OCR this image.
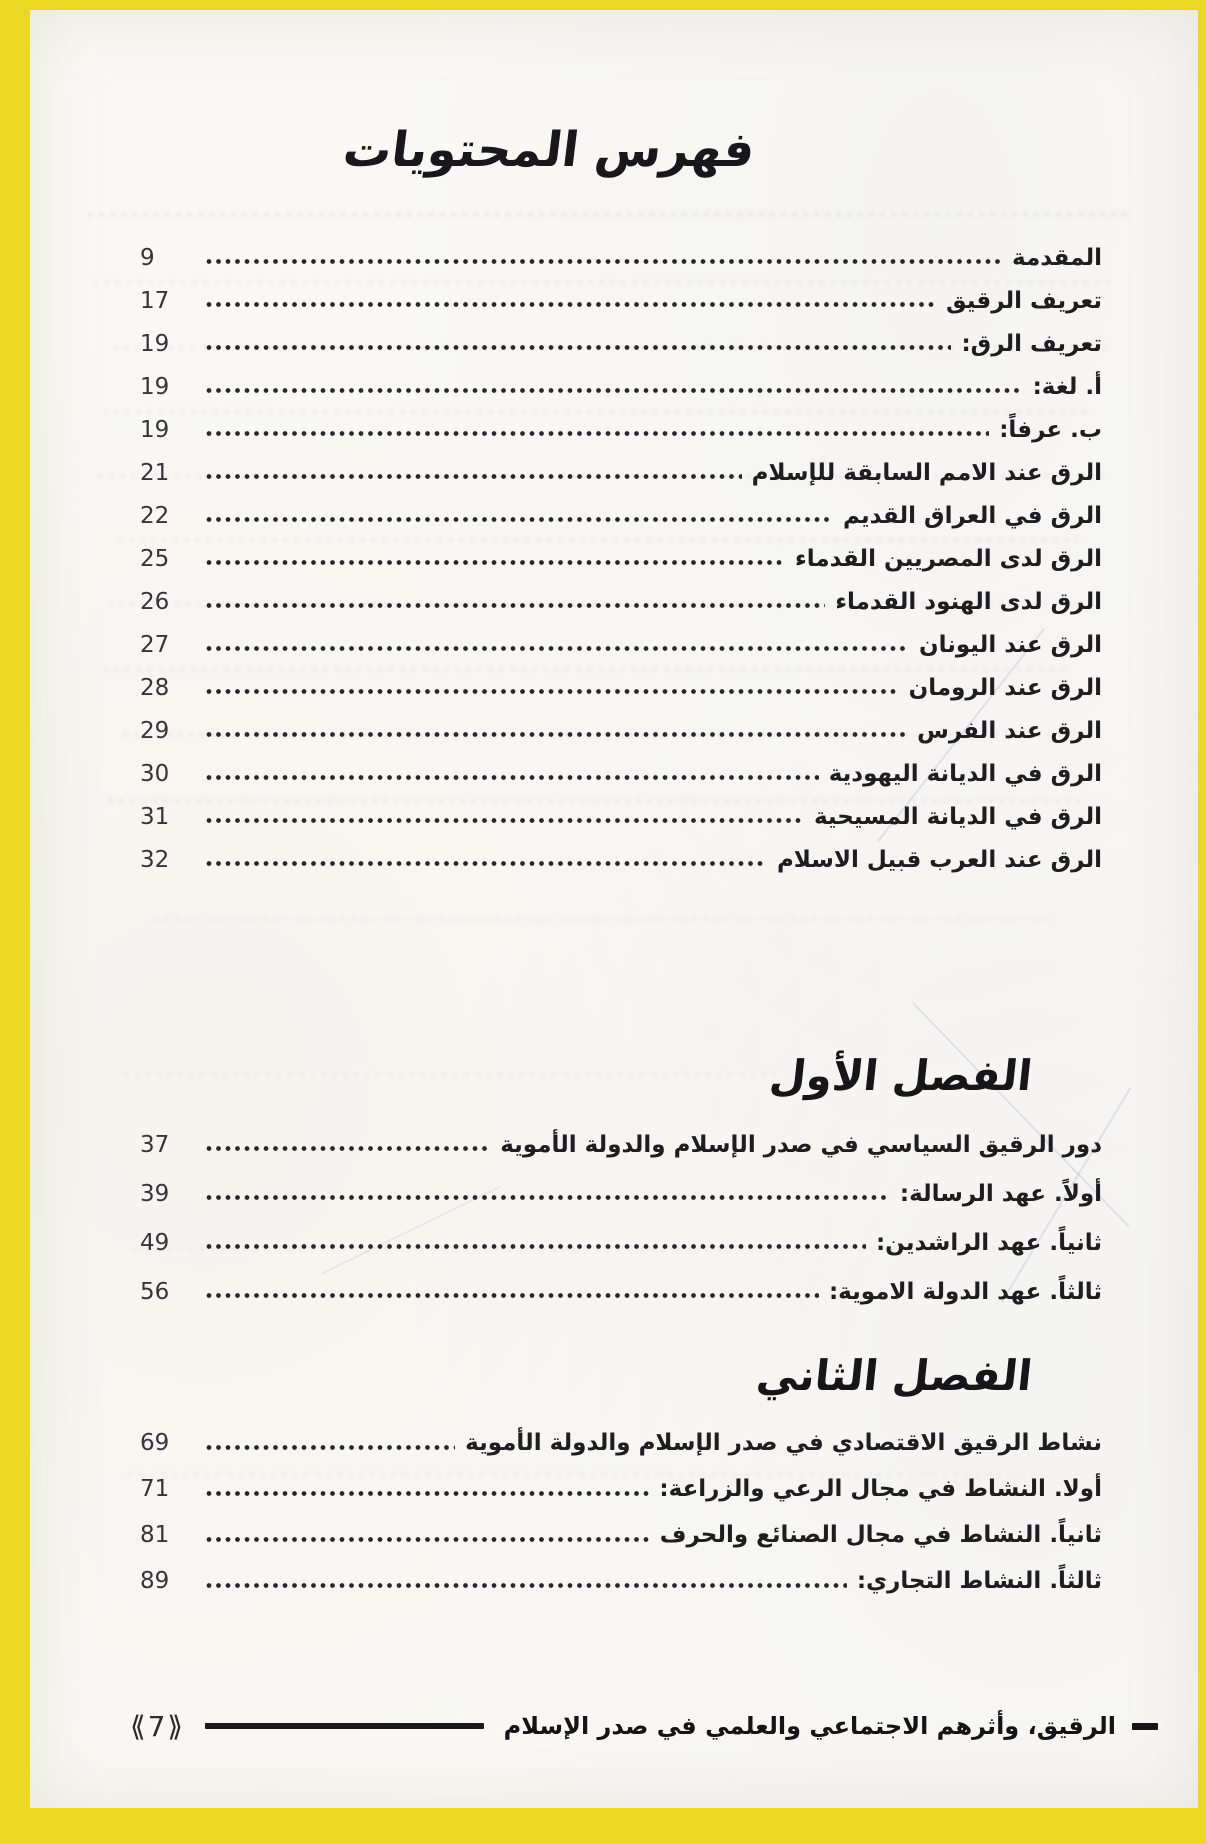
فهرس المحتويات
المقدمة
9
تعريف الرقيق
17
تعريف الرق:
19
أ. لغة:
19
ب. عرفاً:
19
الرق عند الامم السابقة للإسلام
21
الرق في العراق القديم
22
الرق لدى المصريين القدماء
25
الرق لدى الهنود القدماء
26
الرق عند اليونان
27
الرق عند الرومان
28
الرق عند الفرس
29
الرق في الديانة اليهودية
30
الرق في الديانة المسيحية
31
الرق عند العرب قبيل الاسلام
32
الفصل الأول
دور الرقيق السياسي في صدر الإسلام والدولة الأموية
37
أولاً. عهد الرسالة:
39
ثانياً. عهد الراشدين:
49
ثالثاً. عهد الدولة الاموية:
56
الفصل الثاني
نشاط الرقيق الاقتصادي في صدر الإسلام والدولة الأموية
69
أولا. النشاط في مجال الرعي والزراعة:
71
ثانياً. النشاط في مجال الصنائع والحرف
81
ثالثاً. النشاط التجاري:
89
الرقيق، وأثرهم الاجتماعي والعلمي في صدر الإسلام
⟪7⟫
